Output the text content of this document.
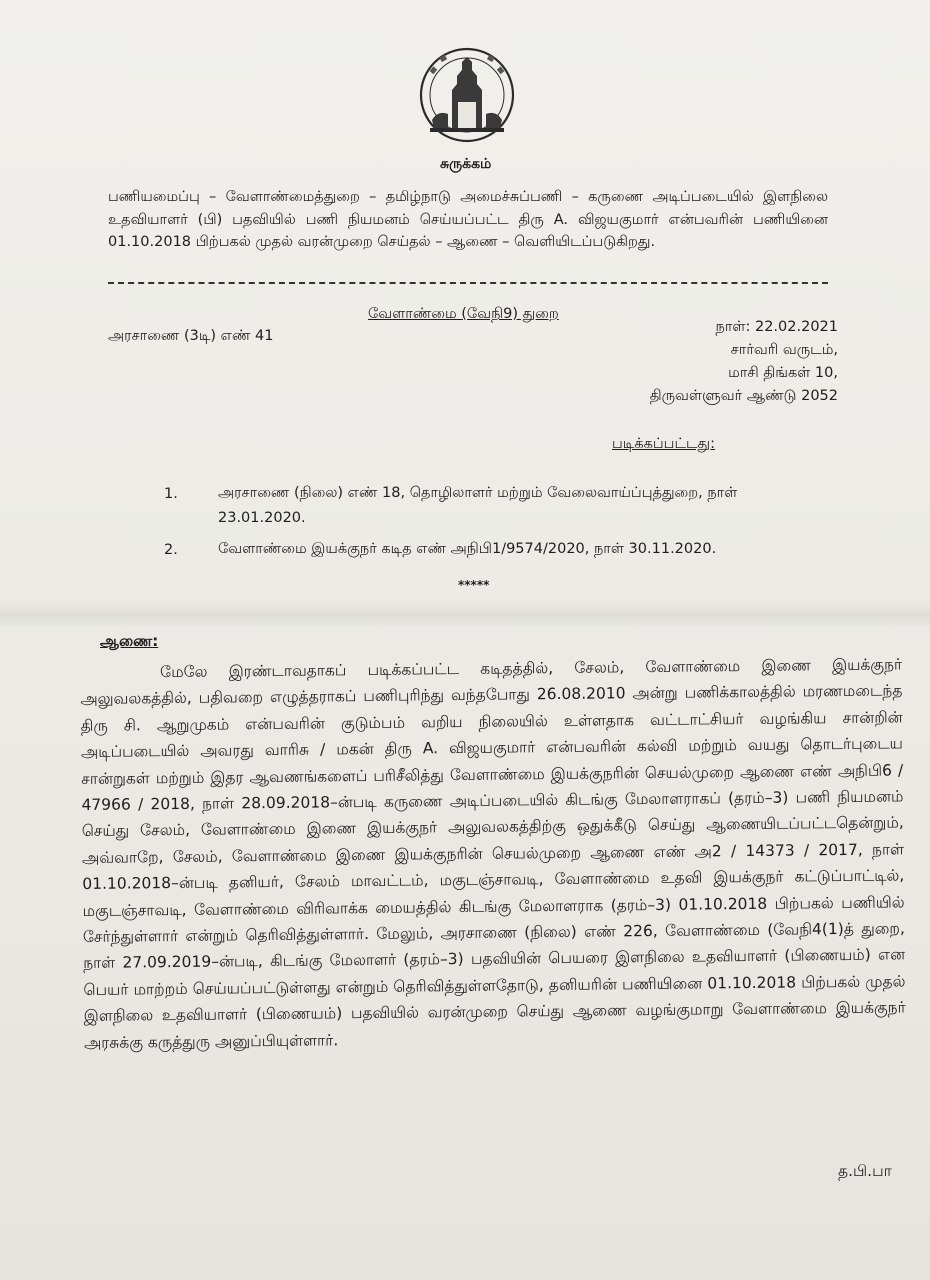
சுருக்கம்
பணியமைப்பு – வேளாண்மைத்துறை – தமிழ்நாடு அமைச்சுப்பணி – கருணை அடிப்படையில் இளநிலை உதவியாளர் (பி) பதவியில் பணி நியமனம் செய்யப்பட்ட திரு A. விஜயகுமார் என்பவரின் பணியினை 01.10.2018 பிற்பகல் முதல் வரன்முறை செய்தல் – ஆணை – வெளியிடப்படுகிறது.
வேளாண்மை (வேநி9) துறை
அரசாணை (3டி) எண் 41
நாள்: 22.02.2021
சார்வரி வருடம்,
மாசி திங்கள் 10,
திருவள்ளுவர் ஆண்டு 2052
படிக்கப்பட்டது:
1.	அரசாணை (நிலை) எண் 18, தொழிலாளர் மற்றும் வேலைவாய்ப்புத்துறை, நாள் 23.01.2020.
2.	வேளாண்மை இயக்குநர் கடித எண் அநிபி1/9574/2020, நாள் 30.11.2020.
*****
ஆணை:
மேலே இரண்டாவதாகப் படிக்கப்பட்ட கடிதத்தில், சேலம், வேளாண்மை இணை இயக்குநர் அலுவலகத்தில், பதிவறை எழுத்தராகப் பணிபுரிந்து வந்தபோது 26.08.2010 அன்று பணிக்காலத்தில் மரணமடைந்த திரு சி. ஆறுமுகம் என்பவரின் குடும்பம் வறிய நிலையில் உள்ளதாக வட்டாட்சியர் வழங்கிய சான்றின் அடிப்படையில் அவரது வாரிசு / மகன் திரு A. விஜயகுமார் என்பவரின் கல்வி மற்றும் வயது தொடர்புடைய சான்றுகள் மற்றும் இதர ஆவணங்களைப் பரிசீலித்து வேளாண்மை இயக்குநரின் செயல்முறை ஆணை எண் அநிபி6 / 47966 / 2018, நாள் 28.09.2018–ன்படி கருணை அடிப்படையில் கிடங்கு மேலாளராகப் (தரம்–3) பணி நியமனம் செய்து சேலம், வேளாண்மை இணை இயக்குநர் அலுவலகத்திற்கு ஒதுக்கீடு செய்து ஆணையிடப்பட்டதென்றும், அவ்வாறே, சேலம், வேளாண்மை இணை இயக்குநரின் செயல்முறை ஆணை எண் அ2 / 14373 / 2017, நாள் 01.10.2018–ன்படி தனியர், சேலம் மாவட்டம், மகுடஞ்சாவடி, வேளாண்மை உதவி இயக்குநர் கட்டுப்பாட்டில், மகுடஞ்சாவடி, வேளாண்மை விரிவாக்க மையத்தில் கிடங்கு மேலாளராக (தரம்–3) 01.10.2018 பிற்பகல் பணியில் சேர்ந்துள்ளார் என்றும் தெரிவித்துள்ளார். மேலும், அரசாணை (நிலை) எண் 226, வேளாண்மை (வேநி4(1)த் துறை, நாள் 27.09.2019–ன்படி, கிடங்கு மேலாளர் (தரம்–3) பதவியின் பெயரை இளநிலை உதவியாளர் (பிணையம்) என பெயர் மாற்றம் செய்யப்பட்டுள்ளது என்றும் தெரிவித்துள்ளதோடு, தனியரின் பணியினை 01.10.2018 பிற்பகல் முதல் இளநிலை உதவியாளர் (பிணையம்) பதவியில் வரன்முறை செய்து ஆணை வழங்குமாறு வேளாண்மை இயக்குநர் அரசுக்கு கருத்துரு அனுப்பியுள்ளார்.
த.பி.பா
